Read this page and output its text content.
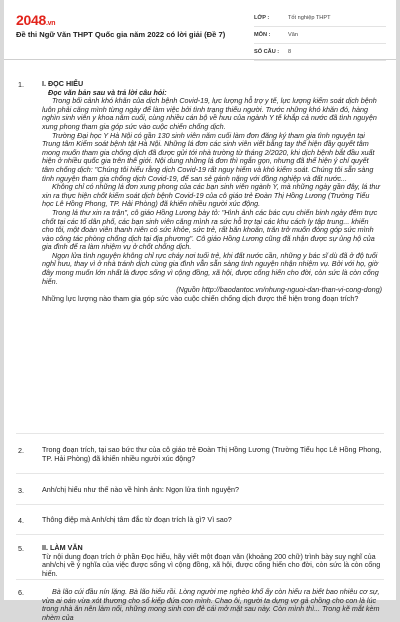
2048.vn
Đề thi Ngữ Văn THPT Quốc gia năm 2022 có lời giải (Đề 7)
LỚP :	Tốt nghiệp THPT
MÔN :	Văn
SỐ CÂU :	8
1.	I. ĐỌC HIỂU
Đọc văn bản sau và trả lời câu hỏi:
Trong bối cảnh khó khăn của dịch bệnh Covid-19, lực lượng hỗ trợ y tế, lực lượng kiểm soát dịch bệnh luôn phải căng mình từng ngày để làm việc bởi tình trạng thiếu người. Trước những khó khăn đó, hàng nghìn sinh viên y khoa năm cuối, cùng nhiều cán bộ về hưu của ngành Y tế khắp cả nước đã tình nguyện xung phong tham gia góp sức vào cuộc chiến chống dịch.
Trường Đại học Y Hà Nội có gần 130 sinh viên năm cuối làm đơn đăng ký tham gia tình nguyện tại Trung tâm Kiểm soát bệnh tật Hà Nội. Những lá đơn các sinh viên viết bằng tay thể hiện đầy quyết tâm mong muốn tham gia chống dịch đã được gửi tới nhà trường từ tháng 2/2020, khi dịch bệnh bắt đầu xuất hiện ở nhiều quốc gia trên thế giới. Nội dung những lá đơn thì ngắn gọn, nhưng đã thể hiện ý chí quyết tâm chống dịch: "Chúng tôi hiểu rằng dịch Covid-19 rất nguy hiểm và khó kiểm soát. Chúng tôi sẵn sàng tình nguyện tham gia chống dịch Covid-19, để san sẻ gánh nặng với đồng nghiệp và đất nước...
Không chỉ có những lá đơn xung phong của các bạn sinh viên ngành Y, mà những ngày gần đây, lá thư xin ra thực hiện chốt kiểm soát dịch bệnh Covid-19 của cô giáo trẻ Đoàn Thị Hồng Lương (Trường Tiểu học Lê Hồng Phong, TP. Hải Phòng) đã khiến nhiều người xúc động.
Trong lá thư xin ra trận", cô giáo Hồng Lương bày tỏ: "Hình ảnh các bác cựu chiến binh ngày đêm trực chốt tại các tổ dân phố, các bạn sinh viên căng mình ra sức hỗ trợ tại các khu cách ly tập trung... khiến cho tôi, một đoàn viên thanh niên có sức khỏe, sức trẻ, rất băn khoăn, trăn trở muốn đóng góp sức mình vào công tác phòng chống dịch tại địa phương". Cô giáo Hồng Lương cũng đã nhận được sự ủng hộ của gia đình để ra làm nhiệm vụ ở chốt chống dịch.
Ngọn lửa tình nguyện không chỉ rực cháy nơi tuổi trẻ, khi đất nước cần, những y bác sĩ dù đã ở độ tuổi nghỉ hưu, thay vì ở nhà tránh dịch cùng gia đình vẫn sẵn sàng tình nguyện nhận nhiệm vụ. Bởi với họ, giờ đây mong muốn lớn nhất là được sống vì cộng đồng, xã hội, được cống hiến cho đời, còn sức là còn cống hiến.
(Nguồn http://baodantoc.vn/nhung-nguoi-dan-than-vi-cong-dong)
Những lực lượng nào tham gia góp sức vào cuộc chiến chống dịch được thể hiện trong đoạn trích?
2.	Trong đoạn trích, tại sao bức thư của cô giáo trẻ Đoàn Thị Hồng Lương (Trường Tiểu học Lê Hồng Phong, TP. Hải Phòng) đã khiến nhiều người xúc động?
3.	Anh/chị hiểu như thế nào về hình ảnh: Ngọn lửa tình nguyện?
4.	Thông điệp mà Anh/chị tâm đắc từ đoạn trích là gì? Vì sao?
5.	II. LÀM VĂN
Từ nội dung đoạn trích ở phần Đọc hiểu, hãy viết một đoạn văn (khoảng 200 chữ) trình bày suy nghĩ của anh/chị về ý nghĩa của việc được sống vì cộng đồng, xã hội, được cống hiến cho đời, còn sức là còn cống hiến.
6.	Bà lão cúi đầu nín lặng. Bà lão hiểu rồi. Lòng người mẹ nghèo khổ ấy còn hiểu ra biết bao nhiêu cơ sự, vừa ai oán vừa xót thương cho số kiếp đứa con mình. Chao ôi, người ta dựng vợ gả chồng cho con là lúc trong nhà ăn nên làm nổi, những mong sinh con đẻ cái mở mặt sau này. Còn mình thì... Trong kẽ mắt kèm nhèm của
